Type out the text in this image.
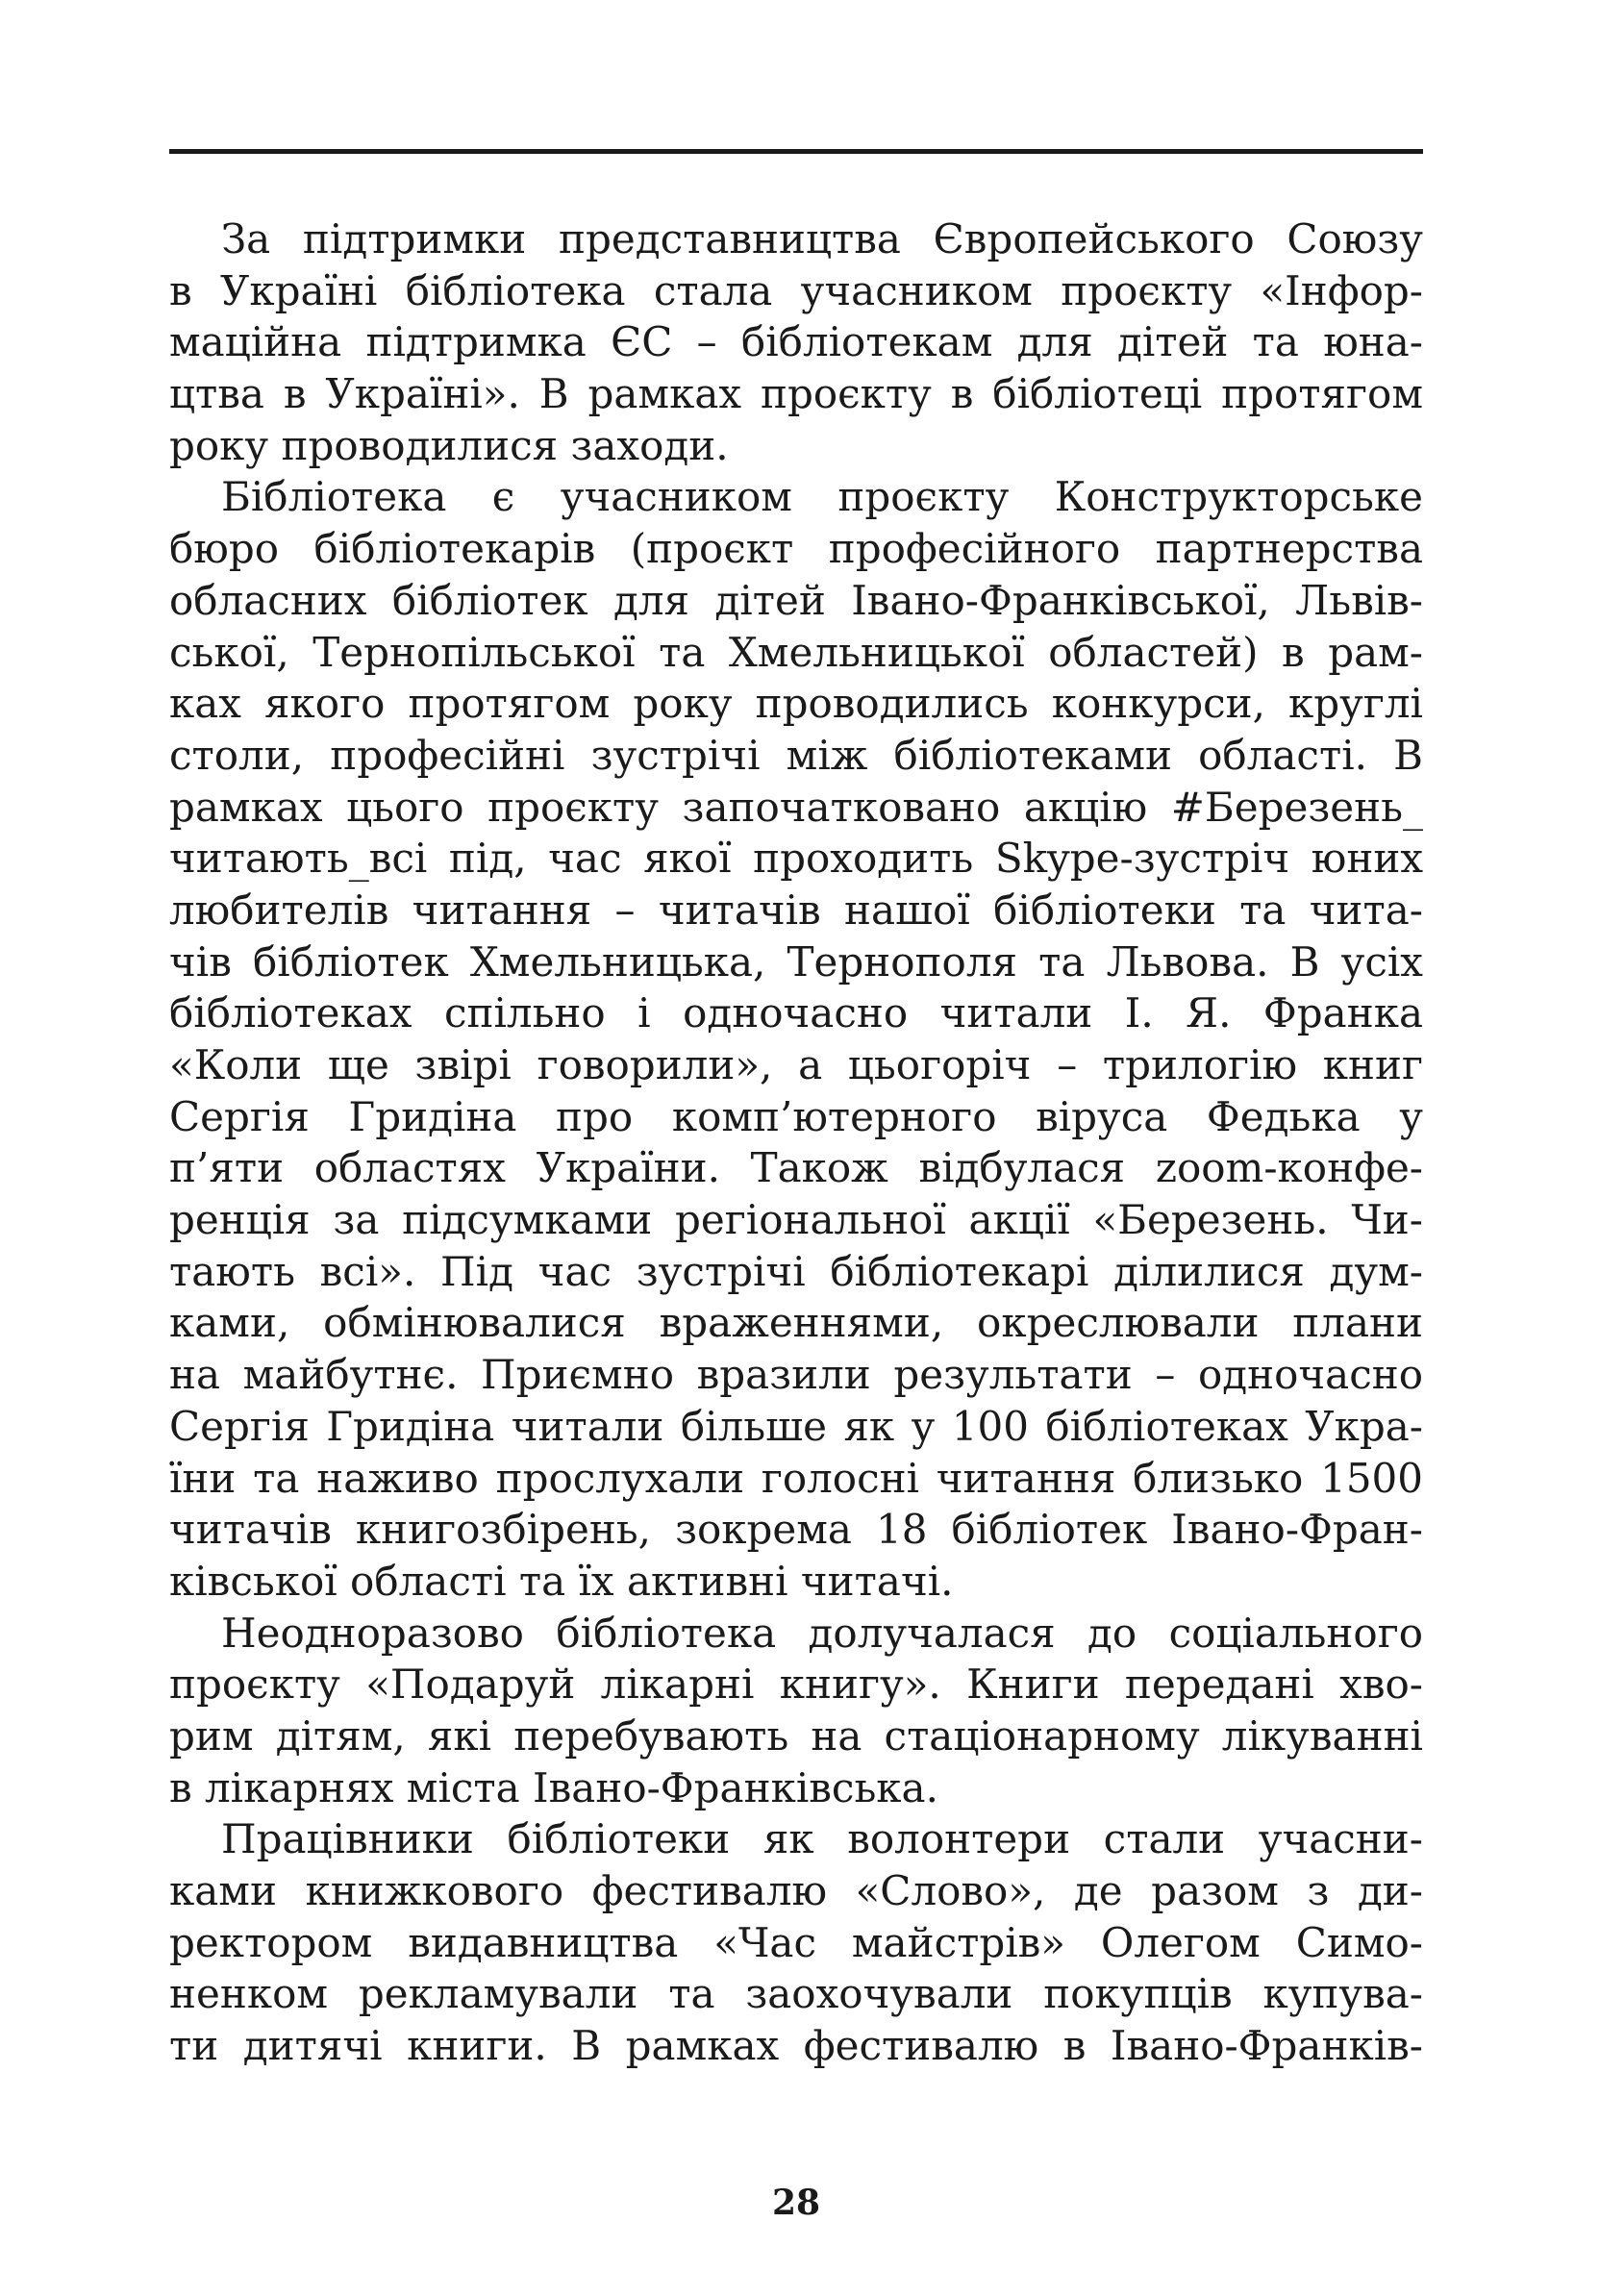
За підтримки представництва Європейського Союзу
в Україні бібліотека стала учасником проєкту «Інфор-
маційна підтримка ЄС – бібліотекам для дітей та юна-
цтва в Україні». В рамках проєкту в бібліотеці протягом
року проводилися заходи.
Бібліотека є учасником проєкту Конструкторське
бюро бібліотекарів (проєкт професійного партнерства
обласних бібліотек для дітей Івано-Франківської, Львів-
ської, Тернопільської та Хмельницької областей) в рам-
ках якого протягом року проводились конкурси, круглі
столи, професійні зустрічі між бібліотеками області. В
рамках цього проєкту започатковано акцію #Березень_
читають_всі під, час якої проходить Skype-зустріч юних
любителів читання – читачів нашої бібліотеки та чита-
чів бібліотек Хмельницька, Тернополя та Львова. В усіх
бібліотеках спільно і одночасно читали І. Я. Франка
«Коли ще звірі говорили», а цьогоріч – трилогію книг
Сергія Гридіна про комп’ютерного віруса Федька у
п’яти областях України. Також відбулася zoom-конфе-
ренція за підсумками регіональної акції «Березень. Чи-
тають всі». Під час зустрічі бібліотекарі ділилися дум-
ками, обмінювалися враженнями, окреслювали плани
на майбутнє. Приємно вразили результати – одночасно
Сергія Гридіна читали більше як у 100 бібліотеках Укра-
їни та наживо прослухали голосні читання близько 1500
читачів книгозбірень, зокрема 18 бібліотек Івано-Фран-
ківської області та їх активні читачі.
Неодноразово бібліотека долучалася до соціального
проєкту «Подаруй лікарні книгу». Книги передані хво-
рим дітям, які перебувають на стаціонарному лікуванні
в лікарнях міста Івано-Франківська.
Працівники бібліотеки як волонтери стали учасни-
ками книжкового фестивалю «Слово», де разом з ди-
ректором видавництва «Час майстрів» Олегом Симо-
ненком рекламували та заохочували покупців купува-
ти дитячі книги. В рамках фестивалю в Івано-Франків-
28
